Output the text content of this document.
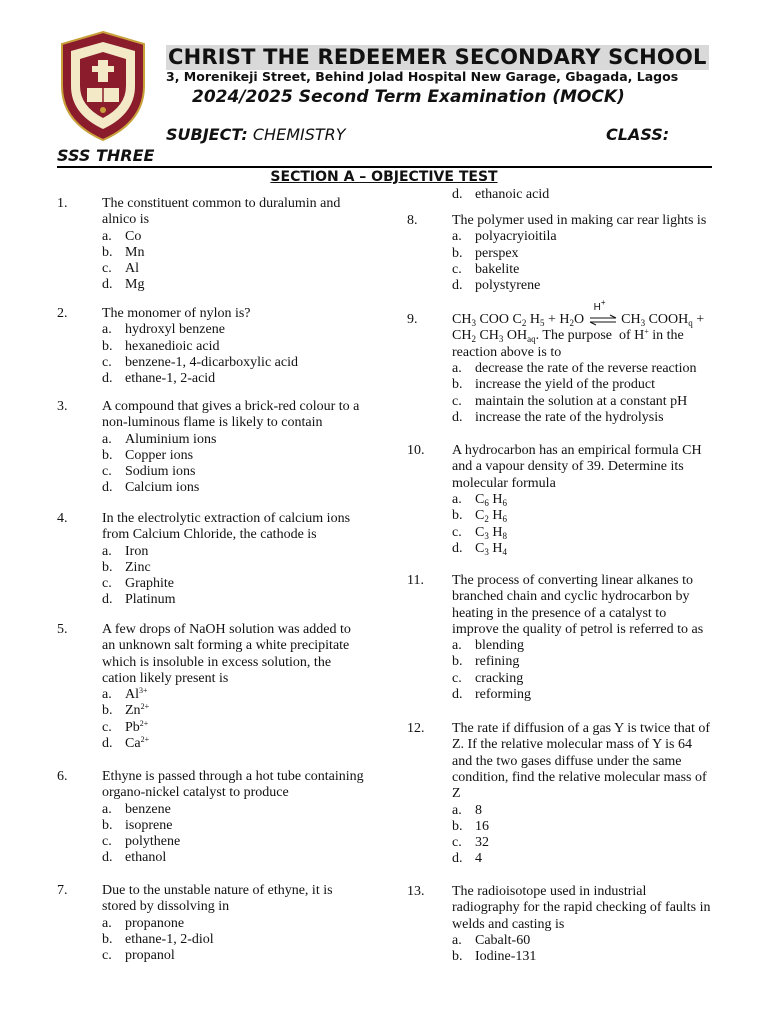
CHRIST THE REDEEMER SECONDARY SCHOOL
3, Morenikeji Street, Behind Jolad Hospital New Garage, Gbagada, Lagos
2024/2025 Second Term Examination (MOCK)
SUBJECT: CHEMISTRY	CLASS:
SSS THREE
SECTION A – OBJECTIVE TEST
1. The constituent common to duralumin and alnico is
a. Co
b. Mn
c. Al
d. Mg
2. The monomer of nylon is?
a. hydroxyl benzene
b. hexanedioic acid
c. benzene-1, 4-dicarboxylic acid
d. ethane-1, 2-acid
3. A compound that gives a brick-red colour to a non-luminous flame is likely to contain
a. Aluminium ions
b. Copper ions
c. Sodium ions
d. Calcium ions
4. In the electrolytic extraction of calcium ions from Calcium Chloride, the cathode is
a. Iron
b. Zinc
c. Graphite
d. Platinum
5. A few drops of NaOH solution was added to an unknown salt forming a white precipitate which is insoluble in excess solution, the cation likely present is
a. $Al^{3+}$
b. $Zn^{2+}$
c. $Pb^{2+}$
d. $Ca^{2+}$
6. Ethyne is passed through a hot tube containing organo-nickel catalyst to produce
a. benzene
b. isoprene
c. polythene
d. ethanol
7. Due to the unstable nature of ethyne, it is stored by dissolving in
a. propanone
b. ethane-1, 2-diol
c. propanol
d. ethanoic acid
8. The polymer used in making car rear lights is
a. polyacryioitila
b. perspex
c. bakelite
d. polystyrene
9. $CH_3$ COO $C_2$ $H_5 + H_2O$
H+
$CH_3$ $COOH_q + CH_2$ $CH_3$ $OH_{aq}$. The purpose  of H+ in the reaction above is to
a. decrease the rate of the reverse reaction
b. increase the yield of the product
c. maintain the solution at a constant pH
d. increase the rate of the hydrolysis
10. A hydrocarbon has an empirical formula CH and a vapour density of 39. Determine its molecular formula
a. $C_6$ $H_6$
b. $C_2$ $H_6$
c. $C_3$ $H_8$
d. $C_3$ $H_4$
11. The process of converting linear alkanes to branched chain and cyclic hydrocarbon by heating in the presence of a catalyst to improve the quality of petrol is referred to as
a. blending
b. refining
c. cracking
d. reforming
12. The rate if diffusion of a gas Y is twice that of Z. If the relative molecular mass of Y is 64 and the two gases diffuse under the same condition, find the relative molecular mass of Z
a. 8
b. 16
c. 32
d. 4
13. The radioisotope used in industrial radiography for the rapid checking of faults in welds and casting is
a. Cabalt-60
b. Iodine-131
